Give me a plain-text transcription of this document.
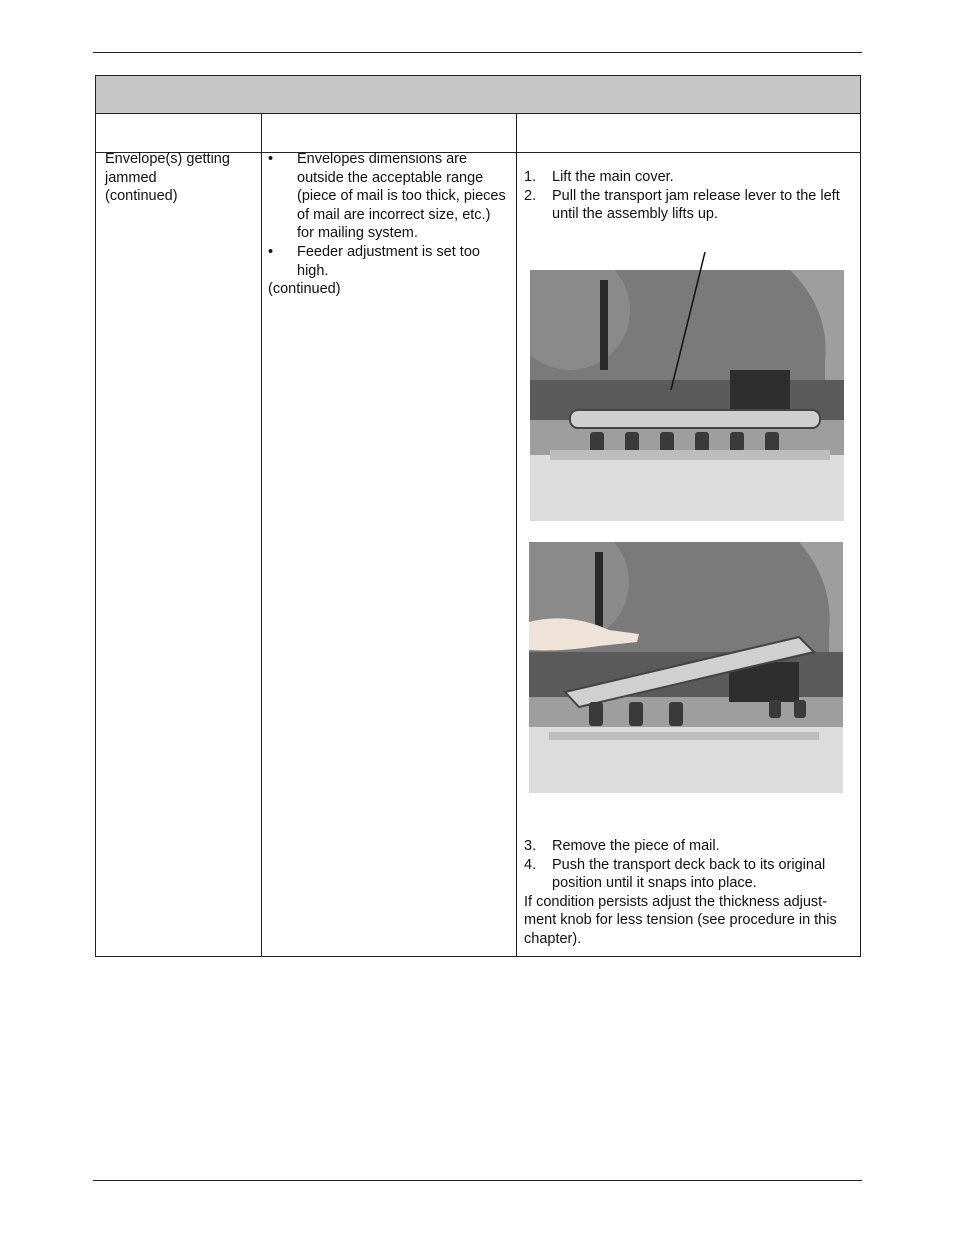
Envelope(s) getting
jammed
(continued)
• Envelopes dimensions are outside the acceptable range (piece of mail is too thick, pieces of mail are incorrect size, etc.) for mailing system.
• Feeder adjustment is set too high.
(continued)
1. Lift the main cover.
2. Pull the transport jam release lever to the left until the assembly lifts up.
3. Remove the piece of mail.
4. Push the transport deck back to its original position until it snaps into place.
If condition persists adjust the thickness adjust-ment knob for less tension (see procedure in this chapter).
